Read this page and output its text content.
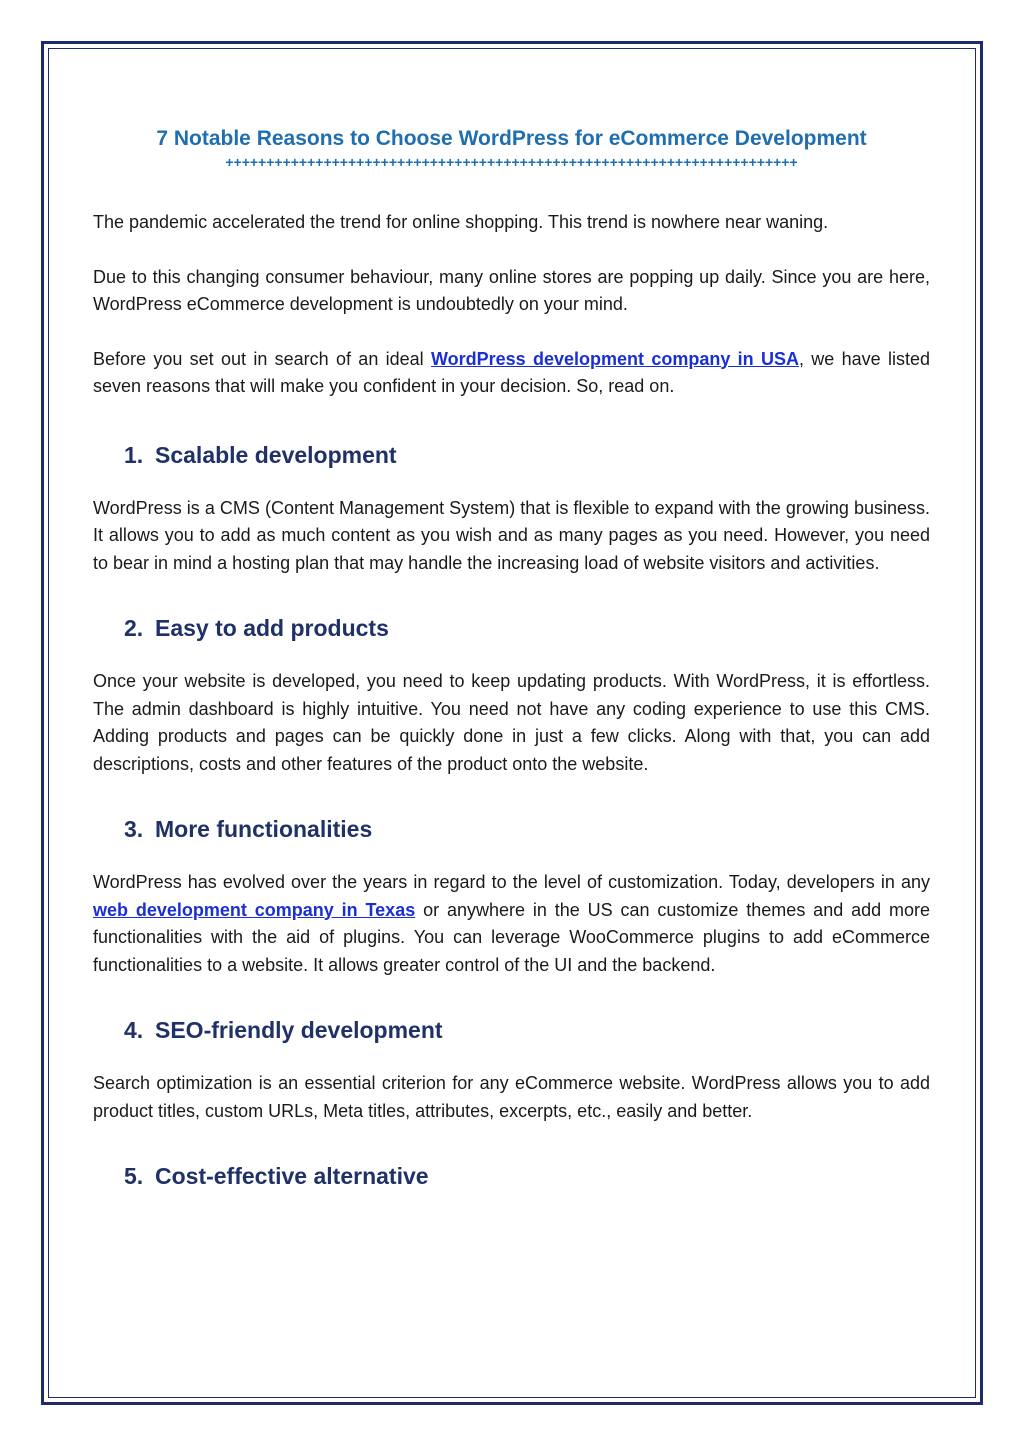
7 Notable Reasons to Choose WordPress for eCommerce Development
++++++++++++++++++++++++++++++++++++++++++++++++++++++++++++++++++++++

The pandemic accelerated the trend for online shopping. This trend is nowhere near waning.

Due to this changing consumer behaviour, many online stores are popping up daily. Since you are here, WordPress eCommerce development is undoubtedly on your mind.

Before you set out in search of an ideal WordPress development company in USA, we have listed seven reasons that will make you confident in your decision. So, read on.

1. Scalable development

WordPress is a CMS (Content Management System) that is flexible to expand with the growing business. It allows you to add as much content as you wish and as many pages as you need. However, you need to bear in mind a hosting plan that may handle the increasing load of website visitors and activities.

2. Easy to add products

Once your website is developed, you need to keep updating products. With WordPress, it is effortless. The admin dashboard is highly intuitive. You need not have any coding experience to use this CMS. Adding products and pages can be quickly done in just a few clicks. Along with that, you can add descriptions, costs and other features of the product onto the website.

3. More functionalities

WordPress has evolved over the years in regard to the level of customization. Today, developers in any web development company in Texas or anywhere in the US can customize themes and add more functionalities with the aid of plugins. You can leverage WooCommerce plugins to add eCommerce functionalities to a website. It allows greater control of the UI and the backend.

4. SEO-friendly development

Search optimization is an essential criterion for any eCommerce website. WordPress allows you to add product titles, custom URLs, Meta titles, attributes, excerpts, etc., easily and better.

5. Cost-effective alternative
